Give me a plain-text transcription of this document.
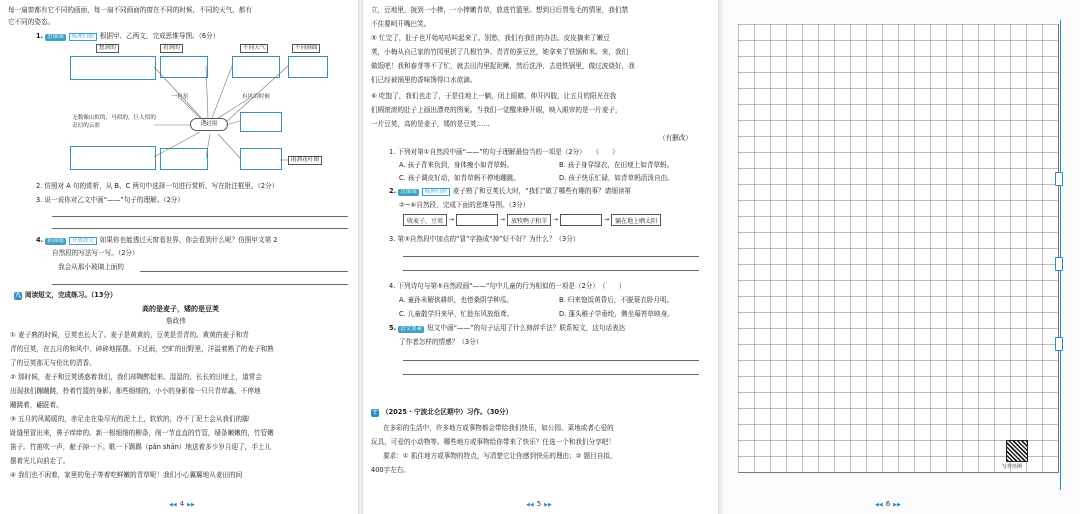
每一扇窗都有它不同的画面，每一扇不同画面的窗在不同的时候，不同的天气，都有
它不同的姿态。
1. 思维图 梳理归纳 根据甲、乙两文，完成思维导图。（6分）
想到的	看到的	不同天气	不同画面
一粒星	有风的时候
无数像山似的，马似的，巨人似的奇幻的云彩	透过窗
雨洒花叶图
2. 仿照对 A 句的赏析，从 B、C 两句中选择一句进行赏析，写在批注框里。（2分）
3. 说一说你对乙文中画“——”句子的理解。（2分）
4. 拓展题 开放探究 如果你也能透过天窗看世界，你会看到什么呢？仿照甲文第 2
自然段的写法写一写。（2分）
我会从那小玻璃上面的
九 阅读短文，完成练习。（13分）
高的是麦子，矮的是豆荚
詹政伟
① 麦子熟的时候，豆荚也长大了。麦子是黄黄的，豆荚是青青的。黄黄的麦子和青
青的豆荚，在五月的和风中，碎碎地摇摆。下过雨，空旷的田野里，洋溢着熟了的麦子和熟
了的豆荚那无与伦比的清香。
② 那时候，麦子和豆荚诱惑着我们，我们却陶醉起来。湿湿的，长长的田埂上，道常会
出现我们蹦蹦跳，拎着竹篮的身影。那些细细的，小小的身影像一只只青草螽，不停地
蹦跳着，翩跹着。
③ 五月的风暖暖的，赤足走在染尽光的泥土上，软软的，冷不丁泥土会从我们的脚
趾缝里冒出来，鼻子痒痒的。新一根细细的柳条，削一节直直的竹管，掰条嫩嫩的，竹管嫩
笛子。竹笛吹一声，献子掉一下。歌一下踢踢（pǎn shān）地送着多少岁月迎了，手上儿
摆着光儿向前走了。
④ 我们也不闲着，家里的兔子等着吃鲜嫩的青草呢！我们小心翼翼地从麦田的间
◀◀ 4 ▶▶
立，豆地里，拢到一小捧，一小捧嫩青草，放进竹篮里。想到日后胃兔毛的情景，我们禁
不住要呵开嘴巴笑。
⑤ 忙完了，肚子也开始咕咕叫起来了。别愁，我们有我们的办法。皮皮摘来了嫩豆
荚，小梅从自己家的竹园里折了几根竹笋。青青的蚕豆丝，她拿来了铁锅和米。来，我们
做饭吧！我和春芽等不了忙，就去田沟里捉泥鳅，然后洗净，去进铁锅里，做过波烧好，我
们已经被锅里的香味馋得口水欲滴。
⑥ 吃饱了，我们也走了，于是往地上一躺，闭上眼睛，伸开四肢，让五月的阳光在我
们圆滚滚的肚子上画出漂亮的图案。当我们一觉醒来睁开眼，映入眼帘的是一片麦子，
一片豆荚，高的是麦子，矮的是豆荚……
（有删改）
1. 下列对第①自然段中画“——”的句子理解最恰当的一项是（2分）　　（　　）
A. 孩子背来负到，身体瘦小如青草蚂。	B. 孩子身穿绿衣，在田埂上如青草蚂。
C. 孩子调皮好动，如青草蚂不停地蹦跳。	D. 孩子快乐忙碌，如青草蚂活泼自由。
2. 思维图 梳理归纳 麦子熟了和豆荚长大时，“我们”做了哪些有趣的事？请细读第
②~⑥自然段，完成下面的思维导图。（3分）
收麦子，豆荚 →	→ 放牧鸭子和羊 →	→ 躺在地上晒太阳
3. 第③自然段中加点的“冒”字换成“掉”好不好？为什么？（3分）
4. 下列诗句与第⑤自然段画“——”句中儿童的行为相似的一项是（2分）　（　　）
A. 童孙未解供耕织，也傍桑阴学种瓜。	B. 归来饱饭黄昏后，不脱蓑衣卧月明。
C. 儿童散学归来早，忙趁东风放纸鸢。	D. 蓬头稚子学垂纶，侧坐莓苔草映身。
5. 语文要素 短文中画“——”的句子运用了什么修辞手法？联系短文，这句话表达
了作者怎样的情感？（3分）
十 （2025 · 宁波北仑区期中）习作。（30分）
在多彩的生活中，许多地方或事物都会带给我们快乐，如公园、菜地或者心爱的
玩具，可爱的小动物等。哪些地方或事物给你带来了快乐？任选一个和我们分享吧！
要求：① 抓住地方或事物的特点，写清楚它让你感到快乐的理由；② 题目自拟，
400字左右。
◀◀ 5 ▶▶
写作范例
◀◀ 6 ▶▶
